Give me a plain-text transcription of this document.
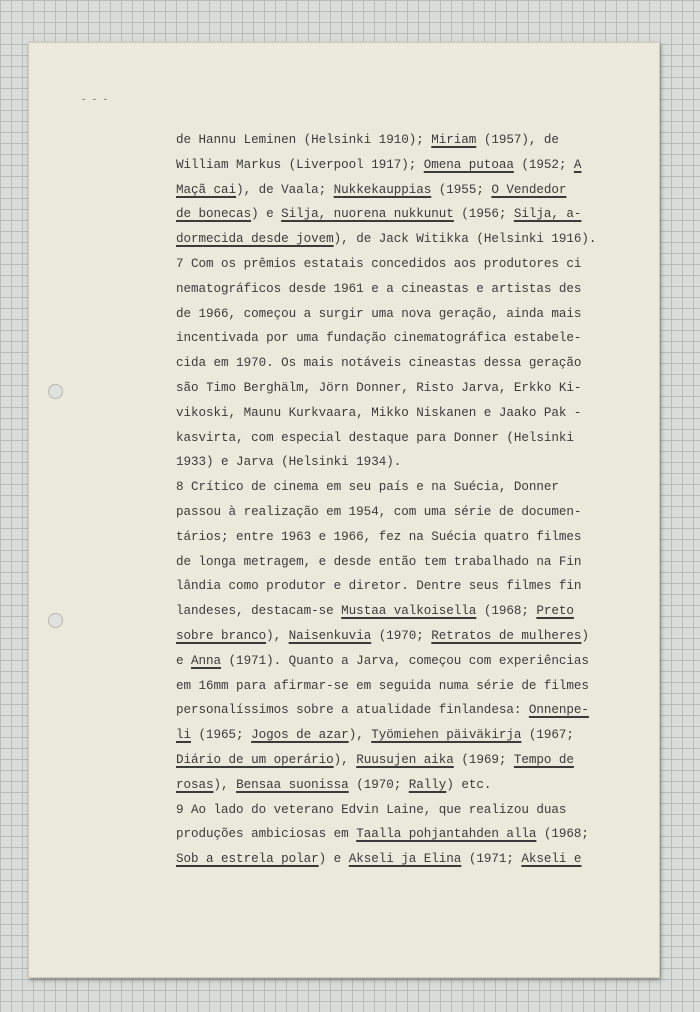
- - -
de Hannu Leminen (Helsinki 1910); Miriam (1957), de
William Markus (Liverpool 1917); Omena putoaa (1952; A
Maçã cai), de Vaala; Nukkekauppias (1955; O Vendedor
de bonecas) e Silja, nuorena nukkunut (1956; Silja, a-
dormecida desde jovem), de Jack Witikka (Helsinki 1916).
7 Com os prêmios estatais concedidos aos produtores ci
nematográficos desde 1961 e a cineastas e artistas des
de 1966, começou a surgir uma nova geração, ainda mais
incentivada por uma fundação cinematográfica estabele-
cida em 1970. Os mais notáveis cineastas dessa geração
são Timo Berghälm, Jörn Donner, Risto Jarva, Erkko Ki-
vikoski, Maunu Kurkvaara, Mikko Niskanen e Jaako Pak -
kasvirta, com especial destaque para Donner (Helsinki
1933) e Jarva (Helsinki 1934).
8 Crítico de cinema em seu país e na Suécia, Donner
passou à realização em 1954, com uma série de documen-
tários; entre 1963 e 1966, fez na Suécia quatro filmes
de longa metragem, e desde então tem trabalhado na Fin
lândia como produtor e diretor. Dentre seus filmes fin
landeses, destacam-se Mustaa valkoisella (1968; Preto
sobre branco), Naisenkuvia (1970; Retratos de mulheres)
e Anna (1971). Quanto a Jarva, começou com experiências
em 16mm para afirmar-se em seguida numa série de filmes
personalíssimos sobre a atualidade finlandesa: Onnenpe-
li (1965; Jogos de azar), Työmiehen päiväkirja (1967;
Diário de um operário), Ruusujen aika (1969; Tempo de
rosas), Bensaa suonissa (1970; Rally) etc.
9 Ao lado do veterano Edvin Laine, que realizou duas
produções ambiciosas em Taalla pohjantahden alla (1968;
Sob a estrela polar) e Akseli ja Elina (1971; Akseli e
